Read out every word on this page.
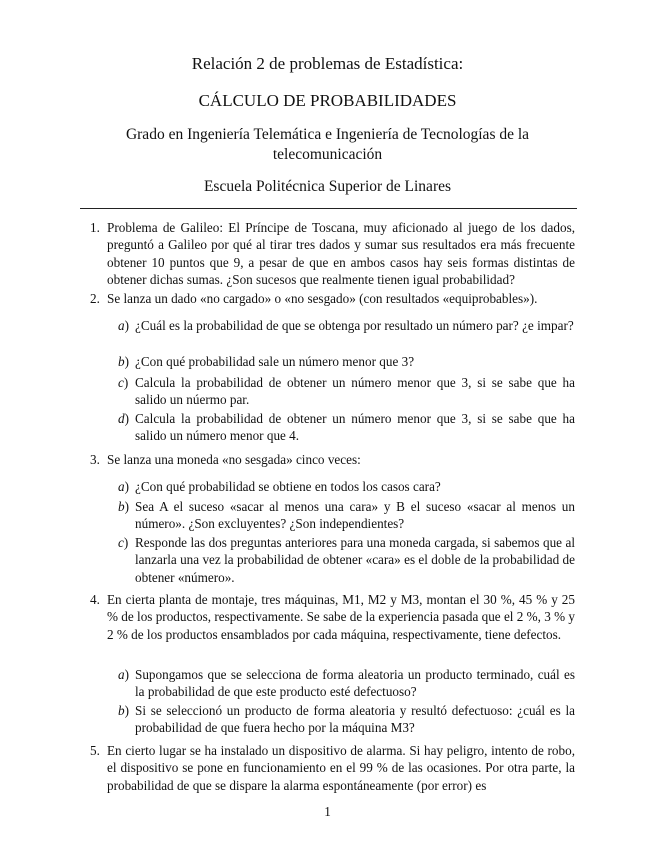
Relación 2 de problemas de Estadística:
CÁLCULO DE PROBABILIDADES
Grado en Ingeniería Telemática e Ingeniería de Tecnologías de la telecomunicación
Escuela Politécnica Superior de Linares
1. Problema de Galileo: El Príncipe de Toscana, muy aficionado al juego de los dados, preguntó a Galileo por qué al tirar tres dados y sumar sus resultados era más frecuente obtener 10 puntos que 9, a pesar de que en ambos casos hay seis formas distintas de obtener dichas sumas. ¿Son sucesos que realmente tienen igual probabilidad?
2. Se lanza un dado «no cargado» o «no sesgado» (con resultados «equiprobables»).
a) ¿Cuál es la probabilidad de que se obtenga por resultado un número par? ¿e impar?
b) ¿Con qué probabilidad sale un número menor que 3?
c) Calcula la probabilidad de obtener un número menor que 3, si se sabe que ha salido un núermo par.
d) Calcula la probabilidad de obtener un número menor que 3, si se sabe que ha salido un número menor que 4.
3. Se lanza una moneda «no sesgada» cinco veces:
a) ¿Con qué probabilidad se obtiene en todos los casos cara?
b) Sea A el suceso «sacar al menos una cara» y B el suceso «sacar al menos un número». ¿Son excluyentes? ¿Son independientes?
c) Responde las dos preguntas anteriores para una moneda cargada, si sabemos que al lanzarla una vez la probabilidad de obtener «cara» es el doble de la probabilidad de obtener «número».
4. En cierta planta de montaje, tres máquinas, M1, M2 y M3, montan el 30 %, 45 % y 25 % de los productos, respectivamente. Se sabe de la experiencia pasada que el 2 %, 3 % y 2 % de los productos ensamblados por cada máquina, respectivamente, tiene defectos.
a) Supongamos que se selecciona de forma aleatoria un producto terminado, cuál es la probabilidad de que este producto esté defectuoso?
b) Si se seleccionó un producto de forma aleatoria y resultó defectuoso: ¿cuál es la probabilidad de que fuera hecho por la máquina M3?
5. En cierto lugar se ha instalado un dispositivo de alarma. Si hay peligro, intento de robo, el dispositivo se pone en funcionamiento en el 99 % de las ocasiones. Por otra parte, la probabilidad de que se dispare la alarma espontáneamente (por error) es
1
